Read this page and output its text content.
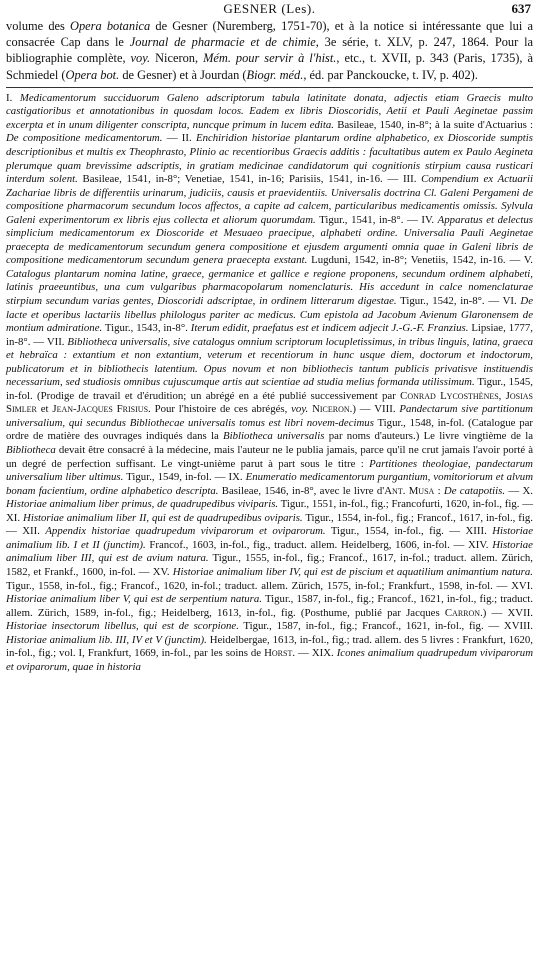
GESNER (Les).	637

volume des Opera botanica de Gesner (Nuremberg, 1751-70), et à la notice si intéressante que lui a consacrée Cap dans le Journal de pharmacie et de chimie, 3e série, t. XLV, p. 247, 1864. Pour la bibliographie complète, voy. Niceron, Mém. pour servir à l'hist., etc., t. XVII, p. 343 (Paris, 1735), à Schmiedel (Opera bot. de Gesner) et à Jourdan (Biogr. méd., éd. par Panckoucke, t. IV, p. 402).

I. Medicamentorum succiduorum Galeno adscriptorum tabula latinitate donata, adjectis etiam Graecis multo castigatioribus et annotationibus in quosdam locos. Eadem ex libris Dioscoridis, Aetii et Pauli Aeginetae passim excerpta et in unum diligenter conscripta, nuncque primum in lucem edita. Basileae, 1540, in-8°; à la suite d'Actuarius : De compositione medicamentorum. — II. Enchiridion historiae plantarum ordine alphabetico, ex Dioscoride sumptis descriptionibus et multis ex Theophrasto, Plinio ac recentioribus Graecis additis : facultatibus autem ex Paulo Aegineta plerumque quam brevissime adscriptis, in gratiam medicinae candidatorum qui cognitionis stirpium causa rusticari interdum solent. Basileae, 1541, in-8°; Venetiae, 1541, in-16; Parisiis, 1541, in-16. — III. Compendium ex Actuarii Zachariae libris de differentiis urinarum, judiciis, causis et praevidentiis. Universalis doctrina Cl. Galeni Pergameni de compositione pharmacorum secundum locos affectos, a capite ad calcem, particularibus medicamentis omissis. Sylvula Galeni experimentorum ex libris ejus collecta et aliorum quorumdam. Tigur., 1541, in-8°. — IV. Apparatus et delectus simplicium medicamentorum ex Dioscoride et Mesuaeo praecipue, alphabeti ordine. Universalia Pauli Aeginetae praecepta de medicamentorum secundum genera compositione et ejusdem argumenti omnia quae in Galeni libris de compositione medicamentorum secundum genera praecepta exstant. Lugduni, 1542, in-8°; Venetiis, 1542, in-16. — V. Catalogus plantarum nomina latine, graece, germanice et gallice e regione proponens, secundum ordinem alphabeti, latinis praeeuntibus, una cum vulgaribus pharmacopolarum nomenclaturis. His accedunt in calce nomenclaturae stirpium secundum varias gentes, Dioscoridi adscriptae, in ordinem litterarum digestae. Tigur., 1542, in-8°. — VI. De lacte et operibus lactariis libellus philologus pariter ac medicus. Cum epistola ad Jacobum Avienum Glaronensem de montium admiratione. Tigur., 1543, in-8°. Iterum edidit, praefatus est et indicem adjecit J.-G.-F. Franzius. Lipsiae, 1777, in-8°. — VII. Bibliotheca universalis, sive catalogus omnium scriptorum locupletissimus, in tribus linguis, latina, graeca et hebraïca : extantium et non extantium, veterum et recentiorum in hunc usque diem, doctorum et indoctorum, publicatorum et in bibliothecis latentium. Opus novum et non bibliothecis tantum publicis privatisve instituendis necessarium, sed studiosis omnibus cujuscumque artis aut scientiae ad studia melius formanda utilissimum. Tigur., 1545, in-fol. (Prodige de travail et d'érudition; un abrégé en a été publié successivement par Conrad Lycosthènes, Josias Simler et Jean-Jacques Frisius. Pour l'histoire de ces abrégés, voy. Niceron.) — VIII. Pandectarum sive partitionum universalium, qui secundus Bibliothecae universalis tomus est libri novem-decimus Tigur., 1548, in-fol. (Catalogue par ordre de matière des ouvrages indiqués dans la Bibliotheca universalis par noms d'auteurs.) Le livre vingtième de la Bibliotheca devait être consacré à la médecine, mais l'auteur ne le publia jamais, parce qu'il ne crut jamais l'avoir porté à un degré de perfection suffisant. Le vingt-unième parut à part sous le titre : Partitiones theologiae, pandectarum universalium liber ultimus. Tigur., 1549, in-fol. — IX. Enumeratio medicamentorum purgantium, vomitoriorum et alvum bonam facientium, ordine alphabetico descripta. Basileae, 1546, in-8°, avec le livre d'Ant. Musa : De catapotiis. — X. Historiae animalium liber primus, de quadrupedibus viviparis. Tigur., 1551, in-fol., fig.; Francofurti, 1620, in-fol., fig. — XI. Historiae animalium liber II, qui est de quadrupedibus oviparis. Tigur., 1554, in-fol., fig.; Francof., 1617, in-fol., fig. — XII. Appendix historiae quadrupedum viviparorum et oviparorum. Tigur., 1554, in-fol., fig. — XIII. Historiae animalium lib. I et II (junctim). Francof., 1603, in-fol., fig., traduct. allem. Heidelberg, 1606, in-fol. — XIV. Historiae animalium liber III, qui est de avium natura. Tigur., 1555, in-fol., fig.; Francof., 1617, in-fol.; traduct. allem. Zürich, 1582, et Frankf., 1600, in-fol. — XV. Historiae animalium liber IV, qui est de piscium et aquatilium animantium natura. Tigur., 1558, in-fol., fig.; Francof., 1620, in-fol.; traduct. allem. Zürich, 1575, in-fol.; Frankfurt., 1598, in-fol. — XVI. Historiae animalium liber V, qui est de serpentium natura. Tigur., 1587, in-fol., fig.; Francof., 1621, in-fol., fig.; traduct. allem. Zürich, 1589, in-fol., fig.; Heidelberg, 1613, in-fol., fig. (Posthume, publié par Jacques Carron.) — XVII. Historiae insectorum libellus, qui est de scorpione. Tigur., 1587, in-fol., fig.; Francof., 1621, in-fol., fig. — XVIII. Historiae animalium lib. III, IV et V (junctim). Heidelbergae, 1613, in-fol., fig.; trad. allem. des 5 livres : Frankfurt, 1620, in-fol., fig.; vol. I, Frankfurt, 1669, in-fol., par les soins de Horst. — XIX. Icones animalium quadrupedum viviparorum et oviparorum, quae in historia
